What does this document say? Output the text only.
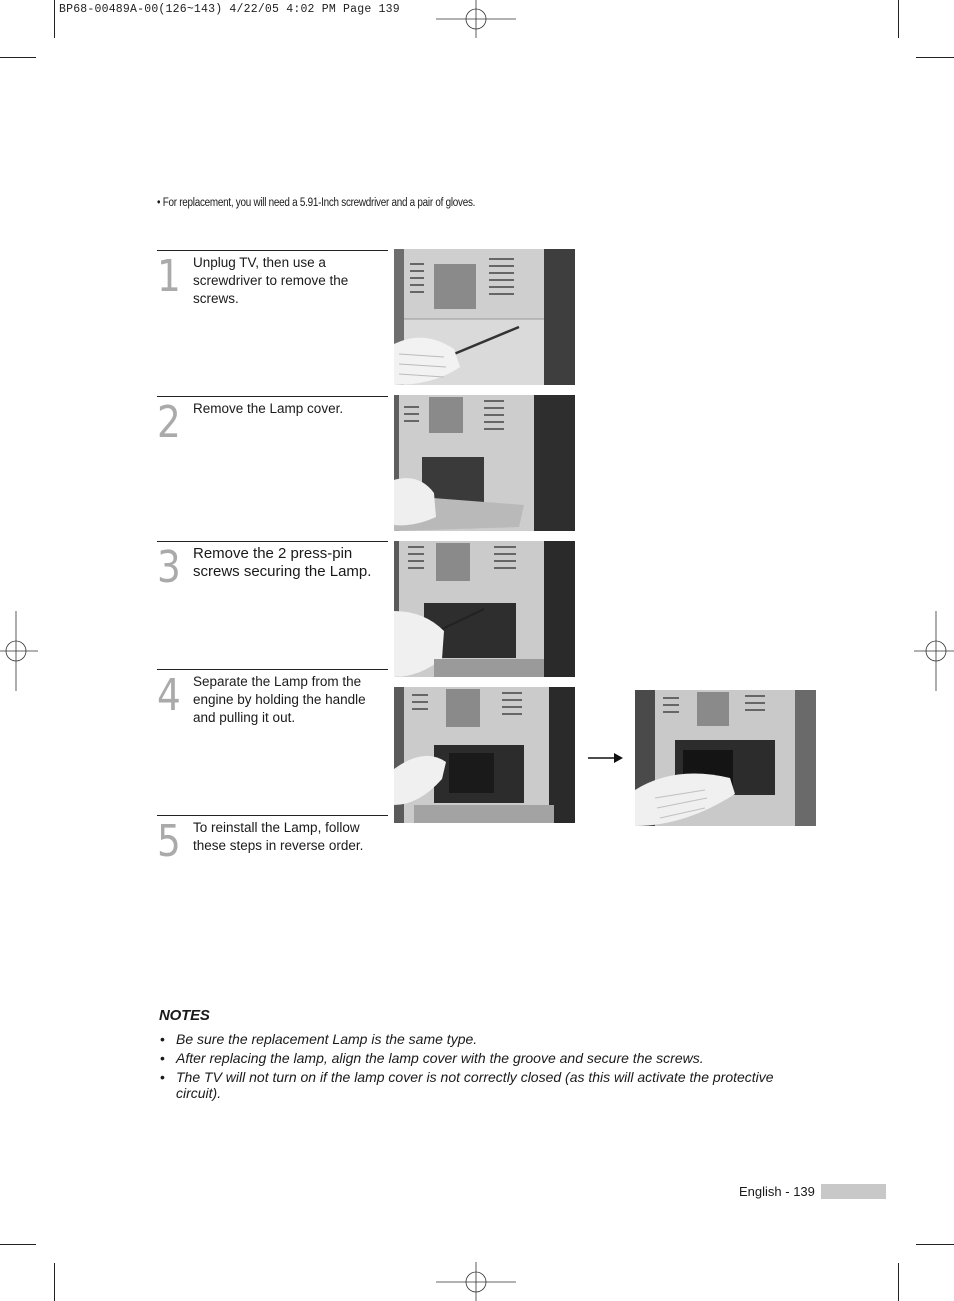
BP68-00489A-00(126~143) 4/22/05 4:02 PM Page 139
• For replacement, you will need a 5.91-Inch screwdriver and a pair of gloves.
1 Unplug TV, then use a screwdriver to remove the screws.
2 Remove the Lamp cover.
3 Remove the 2 press-pin screws securing the Lamp.
4 Separate the Lamp from the engine by holding the handle and pulling it out.
5 To reinstall the Lamp, follow these steps in reverse order.
NOTES
• Be sure the replacement Lamp is the same type.
• After replacing the lamp, align the lamp cover with the groove and secure the screws.
• The TV will not turn on if the lamp cover is not correctly closed (as this will activate the protective circuit).
English - 139
